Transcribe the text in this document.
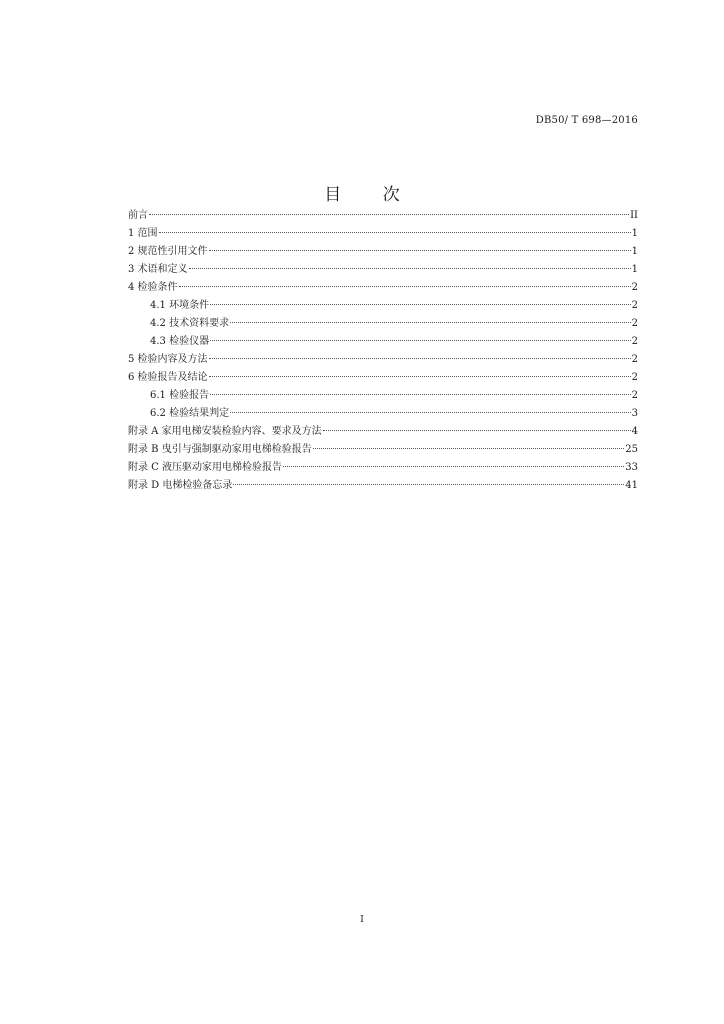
DB50/ T 698—2016
目 次
前言	II
1 范围	1
2 规范性引用文件	1
3 术语和定义	1
4 检验条件	2
4.1 环境条件	2
4.2 技术资料要求	2
4.3 检验仪器	2
5 检验内容及方法	2
6 检验报告及结论	2
6.1 检验报告	2
6.2 检验结果判定	3
附录 A 家用电梯安装检验内容、要求及方法	4
附录 B 曳引与强制驱动家用电梯检验报告	25
附录 C 液压驱动家用电梯检验报告	33
附录 D 电梯检验备忘录	41
I
